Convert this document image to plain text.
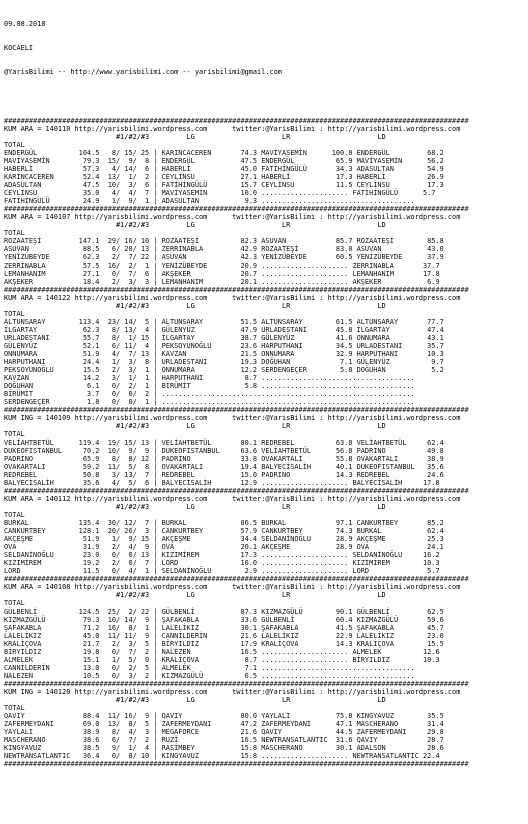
09.08.2018

KOCAELI

@YarisBilimi -- http://www.yarisbilimi.com -- yarisbilimi@gmail.com

################################################################################################################
KUM ARA = 140110 http://yarisbilimi.wordpress.com      twitter:@YarisBilimi : http://yarisbilimi.wordpress.com
#1/#2/#3         LG                     LR                     LD
TOTAL
ENDERGÜL          104.5   8/ 15/ 25 | KARINCACEREN       74.3 MAVİYASEMİN      100.0 ENDERGÜL         68.2
MAVİYASEMİN        79.3  15/  9/  8 | ENDERGÜL           47.5 ENDERGÜL          65.9 MAVİYASEMİN      56.2
HABERLİ            57.3   4/ 14/  6 | HABERLİ            45.0 FATİHİNGÜLÜ       34.3 ADASULTAN        54.9
KARINCACEREN       52.4  13/  1/  2 | CEYLİNSU           27.1 HABERLİ           17.3 HABERLİ          26.9
ADASULTAN          47.5  10/  3/  6 | FATİHİNGÜLÜ        15.7 CEYLİNSU          11.5 CEYLİNSU         17.3
CEYLİNSU           35.0   4/  4/  7 | MAVİYASEMİN        10.0 ..................... FATİHİNGÜLÜ      5.7
FATİHİNGÜLÜ        24.9   1/  9/  1 | ADASULTAN           9.3 .....................................
################################################################################################################
KUM ARA = 140107 http://yarisbilimi.wordpress.com      twitter:@YarisBilimi : http://yarisbilimi.wordpress.com
#1/#2/#3         LG                     LR                     LD
TOTAL
ROZAATEŞİ         147.1  29/ 16/ 10 | ROZAATEŞİ          82.3 ASUVAN            85.7 ROZAATEŞİ        85.8
ASUVAN             88.5   6/ 20/ 13 | ZERRİNABLA         42.9 ROZAATEŞİ         83.0 ASUVAN           43.0
YENİZÜBEYDE        62.3   2/  7/ 22 | ASUVAN             42.3 YENİZÜBEYDE       60.5 YENİZÜBEYDE      37.9
ZERRİNABLA         57.5  16/  2/  1 | YENİZÜBEYDE        20.9 ..................... ZERRİNABLA       37.7
LEMANHANIM         27.1   0/  7/  6 | AKŞEKER            20.7 ..................... LEMANHANIM       17.8
AKŞEKER            18.4   2/  3/  3 | LEMANHANIM         20.1 ..................... AKŞEKER           6.9
################################################################################################################
KUM ARA = 140122 http://yarisbilimi.wordpress.com      twitter:@YarisBilimi : http://yarisbilimi.wordpress.com
#1/#2/#3         LG                     LR                     LD
TOTAL
ALTUNSARAY        113.4  23/ 14/  5 | ALTUNSARAY         51.5 ALTUNSARAY        61.5 ALTUNSARAY       77.7
İLGARTAY           62.3   8/ 13/  4 | GÜLENYÜZ           47.9 URLADESTANI       45.8 İLGARTAY         47.4
URLADESTANI        55.7   8/  1/ 15 | İLGARTAY           38.7 GÜLENYÜZ          41.6 ONNUMARA         43.1
GÜLENYÜZ           52.1   6/ 11/  4 | PEKSOYUNOĞLU       23.6 HARPUTHANI        34.5 URLADESTANI      35.7
ONNUMARA           51.9   4/  7/ 13 | KAVZAN             21.5 ONNUMARA          32.9 HARPUTHANI       10.3
HARPUTHANI         24.4   1/  3/  8 | URLADESTANI        19.3 DOĞUHAN            7.1 GÜLENYÜZ          9.7
PEKSOYUNOĞLU       15.5   2/  3/  1 | ONNUMARA           12.2 SERDENGEÇER        5.8 DOĞUHAN           5.2
KAVZAN             14.2   3/  1/  1 | HARPUTHANI          8.7 .....................................
DOĞUHAN             6.1   0/  2/  1 | BİRÜMİT             5.8 .....................................
BİRÜMİT             3.7   0/  0/  2 | .............................................................
SERDENGEÇER         1.8   0/  0/  1 | .............................................................
################################################################################################################
KUM ING = 140109 http://yarisbilimi.wordpress.com      twitter:@YarisBilimi : http://yarisbilimi.wordpress.com
#1/#2/#3         LG                     LR                     LD
TOTAL
VELİAHTBETÜL      119.4  19/ 15/ 13 | VELİAHTBETÜL       80.1 REDREBEL          63.0 VELİAHTBETÜL     62.4
DUKEOFISTANBUL     70.2  10/  9/  9 | DUKEOFISTANBUL     63.6 VELİAHTBETÜL      56.0 PADRINO          49.8
PADRINO            65.9   8/  8/ 12 | PADRINO            33.8 OVAKARTALI        55.8 OVAKARTALI       38.9
OVAKARTALI         59.2  11/  5/  8 | OVAKARTALI         19.4 BALYECİSALİH      40.1 DUKEOFISTANBUL   35.6
REDREBEL           50.8   3/ 13/  7 | REDREBEL           15.0 PADRINO           14.3 REDREBEL         24.6
BALYECİSALİH       35.6   4/  5/  6 | BALYECİSALİH       12.9 ..................... BALYECİSALİH     17.8
################################################################################################################
KUM ARA = 140112 http://yarisbilimi.wordpress.com      twitter:@YarisBilimi : http://yarisbilimi.wordpress.com
#1/#2/#3         LG                     LR                     LD
TOTAL
BURKAL            135.4  30/ 12/  7 | BURKAL             86.5 BURKAL            97.1 CANKURTBEY       85.2
CANKURTBEY        128.1  20/ 26/  3 | CANKURTBEY         57.9 CANKURTBEY        74.3 BURKAL           62.4
AKÇEŞME            51.9   1/  9/ 15 | AKÇEŞME            34.4 SELDANİNOĞLU      28.9 AKÇEŞME          25.3
OVA                31.9   2/  4/  9 | OVA                20.1 AKÇEŞME           28.9 OVA              24.1
SELDANİNOĞLU       23.0   0/  0/ 13 | KIZIMİREM          17.3 ..................... SELDANİNOĞLU     16.2
KIZIMİREM          19.2   2/  0/  7 | LORD               10.0 ..................... KIZIMİREM        10.3
LORD               11.5   0/  4/  1 | SELDANİNOĞLU        2.9 ..................... LORD              5.7
################################################################################################################
KUM ARA = 140108 http://yarisbilimi.wordpress.com      twitter:@YarisBilimi : http://yarisbilimi.wordpress.com
#1/#2/#3         LG                     LR                     LD
TOTAL
GÜLBENLİ          124.5  25/  2/ 22 | GÜLBENLİ           87.3 KIZMAZGÜLÜ        90.1 GÜLBENLİ         62.5
KIZMAZGÜLÜ         79.3  10/ 14/  9 | ŞAFAKABLA          33.6 GÜLBENLİ          60.4 KIZMAZGÜLÜ       59.6
ŞAFAKABLA          71.2  16/  8/  1 | LALELİKIZ          30.1 ŞAFAKABLA         41.5 ŞAFAKABLA        45.7
LALELİKIZ          45.0  11/ 11/  9 | CANNİLDERİN        21.6 LALELİKIZ         22.9 LALELİKIZ        23.0
KRALİÇOVA          21.7   2/  3/  5 | BİRYILDIZ          17.9 KRALİÇOVA         14.3 KRALİÇOVA        15.5
BİRYILDIZ          19.8   0/  7/  2 | NALEZEN            16.5 ..................... ALMELEK          12.6
ALMELEK            15.1   1/  5/  0 | KRALİÇOVA           8.7 ..................... BİRYILDIZ        10.3
CANNİLDERİN        13.0   0/  2/  5 | ALMELEK             7.1 .....................................
NALEZEN            10.5   0/  3/  2 | KIZMAZGÜLÜ          6.5 .....................................
################################################################################################################
KUM ING = 140120 http://yarisbilimi.wordpress.com      twitter:@YarisBilimi : http://yarisbilimi.wordpress.com
#1/#2/#3         LG                     LR                     LD
TOTAL
QAVIY              88.4  11/ 16/  9 | QAVIY              80.0 YAYLALI           75.8 KINGYAVUZ        35.5
ZAFERMEYDANI       69.0  13/  8/  5 | ZAFERMEYDANI       47.2 ZAFERMEYDANI      47.1 MASCHERANO       31.4
YAYLALI            38.9   8/  4/  3 | MEGAFORCE          21.6 QAVIY             44.5 ZAFERMEYDANI     29.8
MASCHERANO         38.6   6/  7/  2 | RUZİ               16.5 NEWTRANSATLANTIC  31.6 QAVIY            28.7
KINGYAVUZ          38.5   9/  1/  4 | RASİMBEY           15.8 MASCHERANO        30.1 ADALSON          28.6
NEWTRANSATLANTIC   36.4   0/  8/ 10 | KINGYAVUZ          15.8 ..................... NEWTRANSATLANTIC 22.4
################################################################################################################
